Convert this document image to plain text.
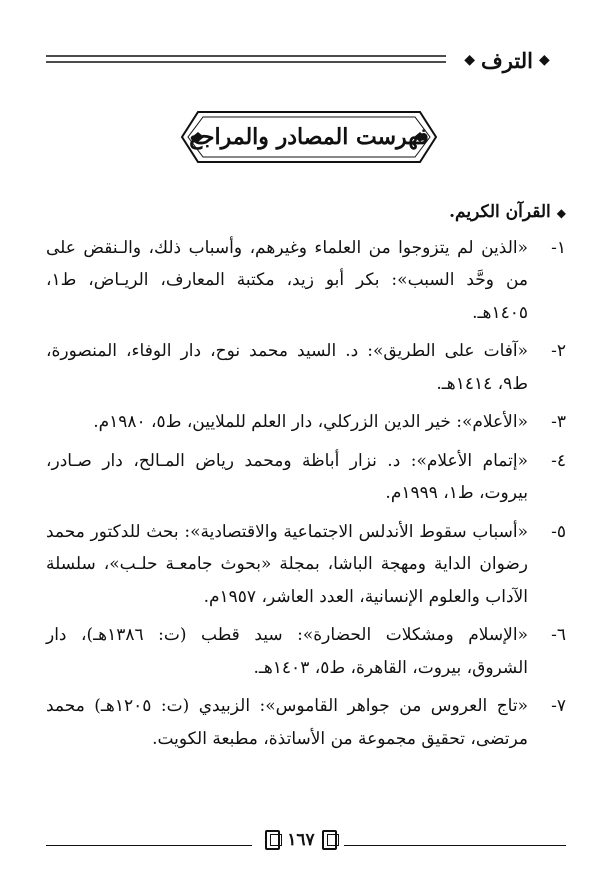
◆ الترف
◆
فهرست المصادر والمراجع
◆القرآن الكريم.
١-
«الذين لم يتزوجوا من العلماء وغيرهم، وأسباب ذلك، والـنقض على من وحَّد السبب»: بكر أبو زيد، مكتبة المعارف، الريـاض، ط١، ١٤٠٥هـ.
٢-
«آفات على الطريق»: د. السيد محمد نوح، دار الوفاء، المنصورة، ط٩، ١٤١٤هـ.
٣-
«الأعلام»: خير الدين الزركلي، دار العلم للملايين، ط٥، ١٩٨٠م.
٤-
«إتمام الأعلام»: د. نزار أباظة ومحمد رياض المـالح، دار صـادر، بيروت، ط١، ١٩٩٩م.
٥-
«أسباب سقوط الأندلس الاجتماعية والاقتصادية»: بحث للدكتور محمد رضوان الداية ومهجة الباشا، بمجلة «بحوث جامعـة حلـب»، سلسلة الآداب والعلوم الإنسانية، العدد العاشر، ١٩٥٧م.
٦-
«الإسلام ومشكلات الحضارة»: سيد قطب (ت: ١٣٨٦هـ)، دار الشروق، بيروت، القاهرة، ط٥، ١٤٠٣هـ.
٧-
«تاج العروس من جواهر القاموس»: الزبيدي (ت: ١٢٠٥هـ) محمد مرتضى، تحقيق مجموعة من الأساتذة، مطبعة الكويت.
١٦٧
